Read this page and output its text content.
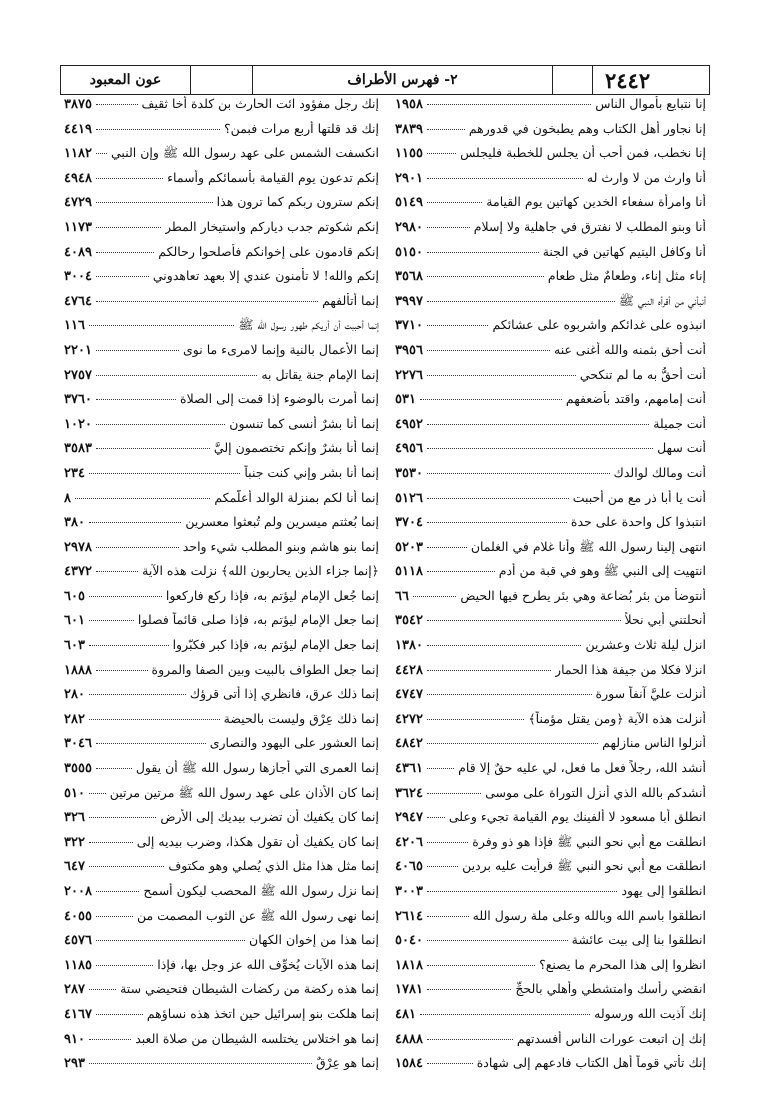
٢٤٤٢
٢- فهرس الأطراف
عون المعبود
إنا نتبايع بأموال الناس
١٩٥٨
إنا نجاور أهل الكتاب وهم يطبخون في قدورهم
٣٨٣٩
إنا نخطب، فمن أحب أن يجلس للخطبة فليجلس
١١٥٥
أنا وارث من لا وارث له
٢٩٠١
أنا وامرأة سفعاء الخدين كهاتين يوم القيامة
٥١٤٩
أنا وبنو المطلب لا نفترق في جاهلية ولا إسلام
٢٩٨٠
أنا وكافل اليتيم كهاتين في الجنة
٥١٥٠
إناء مثل إناء، وطعامٌ مثل طعام
٣٥٦٨
أنبأني من أقرأه النبي ﷺ
٣٩٩٧
انبذوه على غدائكم واشربوه على عشائكم
٣٧١٠
أنت أحق بثمنه والله أغنى عنه
٣٩٥٦
أنت أحقُّ به ما لم تنكحي
٢٢٧٦
أنت إمامهم، واقتد بأضعفهم
٥٣١
أنت جميلة
٤٩٥٢
أنت سهل
٤٩٥٦
أنت ومالك لوالدك
٣٥٣٠
أنت يا أبا ذر مع من أحببت
٥١٢٦
انتبذوا كل واحدة على حدة
٣٧٠٤
انتهى إلينا رسول الله ﷺ وأنا غلام في الغلمان
٥٢٠٣
انتهيت إلى النبي ﷺ وهو في قبة من أدم
٥١١٨
أنتوضأ من بئر بُضاعة وهي بئر يطرح فيها الحيض
٦٦
أنحلتني أبي نحلاً
٣٥٤٢
انزل ليلة ثلاث وعشرين
١٣٨٠
انزلا فكلا من جيفة هذا الحمار
٤٤٢٨
أُنزلت عليَّ آنفاً سورة
٤٧٤٧
أنزلت هذه الآية ﴿ومن يقتل مؤمناً﴾
٤٢٧٢
أنزلوا الناس منازلهم
٤٨٤٢
أنشد الله، رجلاً فعل ما فعل، لي عليه حقٌ إلا قام
٤٣٦١
أنشدكم بالله الذي أنزل التوراة على موسى
٣٦٢٤
انطلق أبا مسعود لا ألفينك يوم القيامة تجيء وعلى
٢٩٤٧
انطلقت مع أبي نحو النبي ﷺ فإذا هو ذو وفرة
٤٢٠٦
انطلقت مع أبي نحو النبي ﷺ فرأيت عليه بردين
٤٠٦٥
انطلقوا إلى يهود
٣٠٠٣
انطلقوا باسم الله وبالله وعلى ملة رسول الله
٢٦١٤
انطلقوا بنا إلى بيت عائشة
٥٠٤٠
انظروا إلى هذا المحرم ما يصنع؟
١٨١٨
انقضي رأسك وامتشطي وأهلي بالحجِّ
١٧٨١
إنك آذيت الله ورسوله
٤٨١
إنك إن اتبعت عورات الناس أفسدتهم
٤٨٨٨
إنك تأتي قوماً أهل الكتاب فادعهم إلى شهادة
١٥٨٤
إنك رجل مفؤود ائت الحارث بن كلدة أخا ثقيف
٣٨٧٥
إنك قد قلتها أربع مرات فبمن؟
٤٤١٩
انكسفت الشمس على عهد رسول الله ﷺ وإن النبي
١١٨٢
إنكم تدعون يوم القيامة بأسمائكم وأسماء
٤٩٤٨
إنكم سترون ربكم كما ترون هذا
٤٧٢٩
إنكم شكوتم جدب دياركم واستيخار المطر
١١٧٣
إنكم قادمون على إخوانكم فأصلحوا رحالكم
٤٠٨٩
إنكم والله! لا تأمنون عندي إلا بعهد تعاهدوني
٣٠٠٤
إنما أتألفهم
٤٧٦٤
إنما أحببت أن أريكم طهور رسول الله ﷺ
١١٦
إنما الأعمال بالنية وإنما لامرىء ما نوى
٢٢٠١
إنما الإمام جنة يقاتل به
٢٧٥٧
إنما أُمرت بالوضوء إذا قمت إلى الصلاة
٣٧٦٠
إنما أنا بشرٌ أنسى كما تنسون
١٠٢٠
إنما أنا بشرٌ وإنكم تختصمون إليَّ
٣٥٨٣
إنما أنا بشر وإني كنت جنباً
٢٣٤
إنما أنا لكم بمنزلة الوالد أعلّمكم
٨
إنما بُعثتم ميسرين ولم تُبعثوا معسرين
٣٨٠
إنما بنو هاشم وبنو المطلب شيء واحد
٢٩٧٨
﴿إنما جزاء الذين يحاربون الله﴾ نزلت هذه الآية
٤٣٧٢
إنما جُعل الإمام ليؤتم به، فإذا ركع فاركعوا
٦٠٥
إنما جعل الإمام ليؤتم به، فإذا صلى قائماً فصلوا
٦٠١
إنما جعل الإمام ليؤتم به، فإذا كبر فكبّروا
٦٠٣
إنما جعل الطواف بالبيت وبين الصفا والمروة
١٨٨٨
إنما ذلك عرق، فانظري إذا أتى قرؤك
٢٨٠
إنما ذلك عِرْق وليست بالحيضة
٢٨٢
إنما العشور على اليهود والنصارى
٣٠٤٦
إنما العمرى التي أجازها رسول الله ﷺ أن يقول
٣٥٥٥
إنما كان الأذان على عهد رسول الله ﷺ مرتين مرتين
٥١٠
إنما كان يكفيك أن تضرب بيديك إلى الأرض
٣٢٦
إنما كان يكفيك أن تقول هكذا، وضرب بيديه إلى
٣٢٢
إنما مثل هذا مثل الذي يُصلي وهو مكتوف
٦٤٧
إنما نزل رسول الله ﷺ المحصب ليكون أسمح
٢٠٠٨
إنما نهى رسول الله ﷺ عن الثوب المصمت من
٤٠٥٥
إنما هذا من إخوان الكهان
٤٥٧٦
إنما هذه الآيات يُخوِّف الله عز وجل بها، فإذا
١١٨٥
إنما هذه ركضة من ركضات الشيطان فتحيضي ستة
٢٨٧
إنما هلكت بنو إسرائيل حين اتخذ هذه نساؤهم
٤١٦٧
إنما هو اختلاس يختلسه الشيطان من صلاة العبد
٩١٠
إنما هو عِرْقٌ
٢٩٣
